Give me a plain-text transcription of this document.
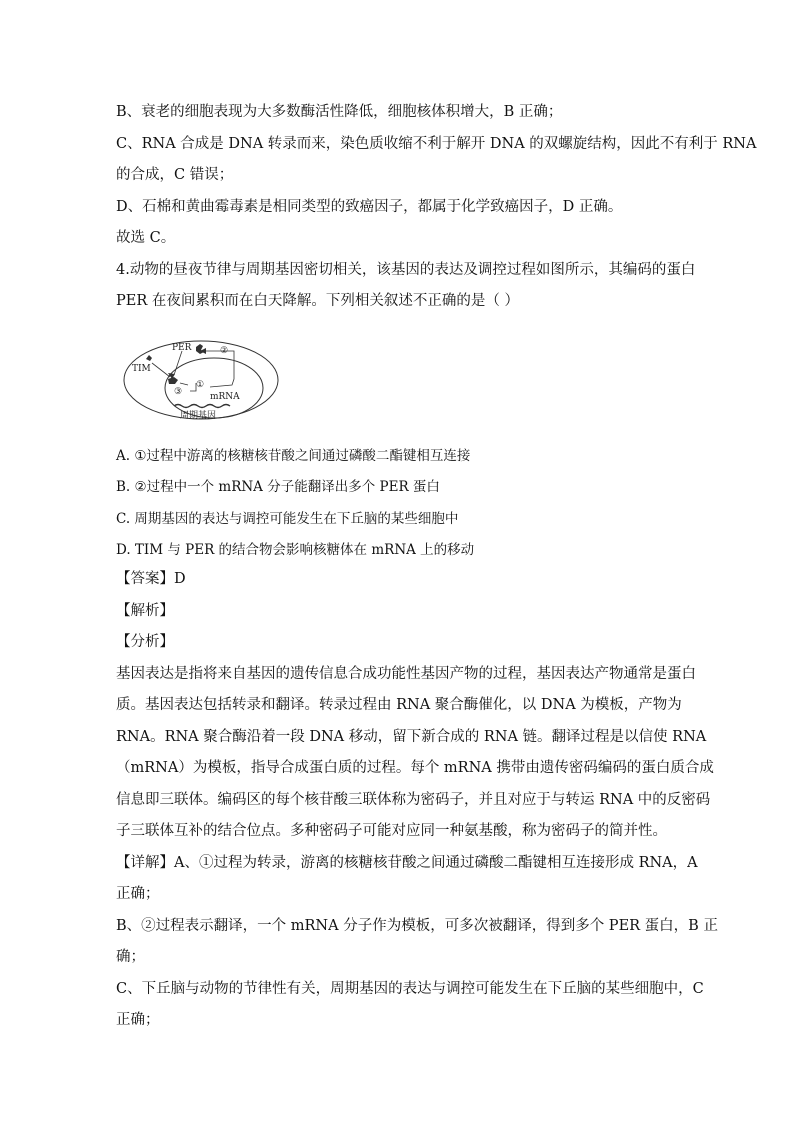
B、衰老的细胞表现为大多数酶活性降低，细胞核体积增大，B 正确；
C、RNA 合成是 DNA 转录而来，染色质收缩不利于解开 DNA 的双螺旋结构，因此不有利于 RNA
的合成，C 错误；
D、石棉和黄曲霉毒素是相同类型的致癌因子，都属于化学致癌因子，D 正确。
故选 C。
4.动物的昼夜节律与周期基因密切相关，该基因的表达及调控过程如图所示，其编码的蛋白
PER 在夜间累积而在白天降解。下列相关叙述不正确的是（ ）
PER
TIM
mRNA
周期基因
①
②
③
A. ①过程中游离的核糖核苷酸之间通过磷酸二酯键相互连接
B. ②过程中一个 mRNA 分子能翻译出多个 PER 蛋白
C. 周期基因的表达与调控可能发生在下丘脑的某些细胞中
D. TIM 与 PER 的结合物会影响核糖体在 mRNA 上的移动
【答案】D
【解析】
【分析】
基因表达是指将来自基因的遗传信息合成功能性基因产物的过程，基因表达产物通常是蛋白
质。基因表达包括转录和翻译。转录过程由 RNA 聚合酶催化，以 DNA 为模板，产物为
RNA。RNA 聚合酶沿着一段 DNA 移动，留下新合成的 RNA 链。翻译过程是以信使 RNA
（mRNA）为模板，指导合成蛋白质的过程。每个 mRNA 携带由遗传密码编码的蛋白质合成
信息即三联体。编码区的每个核苷酸三联体称为密码子，并且对应于与转运 RNA 中的反密码
子三联体互补的结合位点。多种密码子可能对应同一种氨基酸，称为密码子的简并性。
【详解】A、①过程为转录，游离的核糖核苷酸之间通过磷酸二酯键相互连接形成 RNA，A
正确；
B、②过程表示翻译，一个 mRNA 分子作为模板，可多次被翻译，得到多个 PER 蛋白，B 正
确；
C、下丘脑与动物的节律性有关，周期基因的表达与调控可能发生在下丘脑的某些细胞中，C
正确；
